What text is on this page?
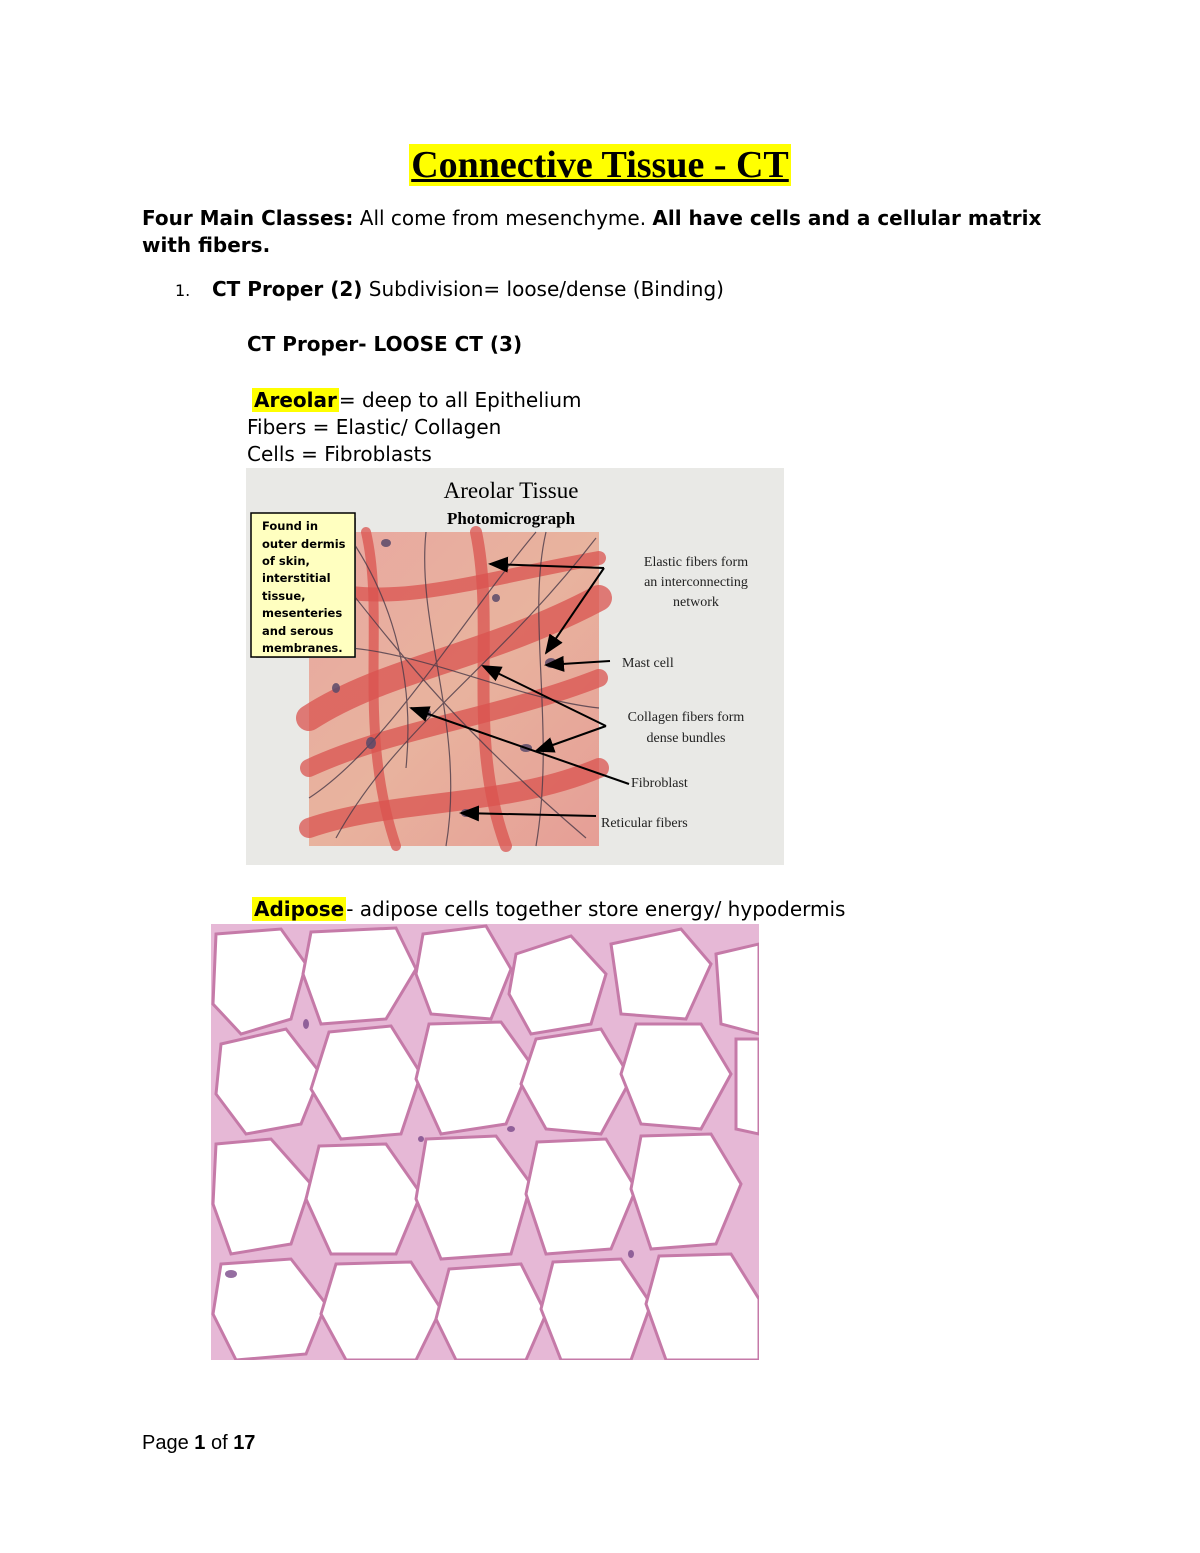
Connective Tissue - CT
Four Main Classes: All come from mesenchyme. All have cells and a cellular matrix with fibers.
1. CT Proper (2) Subdivision= loose/dense (Binding)
CT Proper- LOOSE CT (3)
Areolar = deep to all Epithelium
Fibers = Elastic/ Collagen
Cells = Fibroblasts
Areolar Tissue
Photomicrograph
Found in
outer dermis
of skin,
interstitial
tissue,
mesenteries
and serous
membranes.
Elastic fibers form
an interconnecting
network
Mast cell
Collagen fibers form
dense bundles
Fibroblast
Reticular fibers
Adipose - adipose cells together store energy/ hypodermis
Page 1 of 17
